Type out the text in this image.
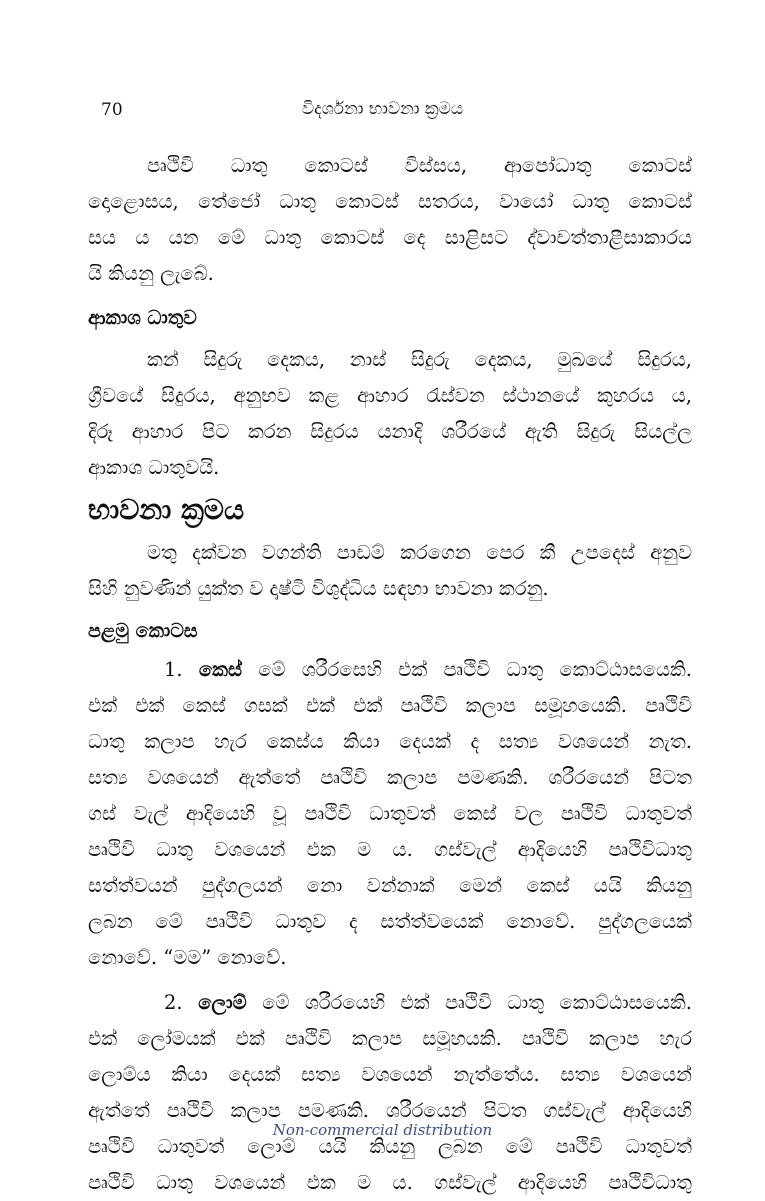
70	විදර්ශනා භාවනා ක්‍රමය
පෘථිවි ධාතු කොටස් විස්සය, ආපෝධාතු කොටස්
දොළොසය, තේජෝ ධාතු කොටස් සතරය, වායෝ ධාතු කොටස්
සය ය යන මේ ධාතු කොටස් දෙ සාළිසට ද්වාචත්තාළීසාකාරය
යි කියනු ලැබේ.
ආකාශ ධාතුව
කන් සිදුරු දෙකය, නාස් සිදුරු දෙකය, මුඛයේ සිදුරය,
ග්‍රීවයේ සිදුරය, අනුභව කළ ආහාර රැස්වන ස්ථානයේ කුහරය ය,
දිරූ ආහාර පිට කරන සිදුරය යනාදි ශරීරයේ ඇති සිදුරු සියල්ල
ආකාශ ධාතුවයි.
භාවනා ක්‍රමය
මතු දක්වන වගන්ති පාඩම් කරගෙන පෙර කී උපදෙස් අනුව
සිහි නුවණින් යුක්ත ව දෘෂ්ටි විශුද්ධිය සඳහා භාවනා කරනු.
පළමු කොටස
1. කෙස් මේ ශරීරසෙහි එක් පෘථිවි ධාතු කොට්ඨාසයෙකි.
එක් එක් කෙස් ගසක් එක් එක් පෘථිවි කලාප සමූහයෙකි. පෘථිවි
ධාතු කලාප හැර කෙස්ය කියා දෙයක් ද සත්‍ය වශයෙන් නැත.
සත්‍ය වශයෙන් ඇත්තේ පෘථිවි කලාප පමණකි. ශරීරයෙන් පිටත
ගස් වැල් ආදියෙහි වූ පෘථිවි ධාතුවත් කෙස් වල පෘථිවි ධාතුවත්
පෘථිවි ධාතු වශයෙන් එක ම ය. ගස්වැල් ආදියෙහි පෘථිවිධාතු
සත්ත්වයන් පුද්ගලයන් නො වන්නාක් මෙන් කෙස් යයි කියනු
ලබන මේ පෘථිවි ධාතුව ද සත්ත්වයෙක් නොවේ. පුද්ගලයෙක්
නොවේ. “මම” නොවේ.
2. ලොම් මේ ශරීරයෙහි එක් පෘථිවි ධාතු කොට්ඨාසයෙකි.
එක් ලෝමයක් එක් පෘථිවි කලාප සමූහයකි. පෘථිවි කලාප හැර
ලොම්ය කියා දෙයක් සත්‍ය වශයෙන් නැත්තේය. සත්‍ය වශයෙන්
ඇත්තේ පෘථිවි කලාප පමණකි. ශරීරයෙන් පිටත ගස්වැල් ආදියෙහි
පෘථිවි ධාතුවත් ලොම් යයි කියනු ලබන මේ පෘථිවි ධාතුවත්
පෘථිවි ධාතු වශයෙන් එක ම ය. ගස්වැල් ආදියෙහි පෘථිවිධාතු
Non-commercial distribution
